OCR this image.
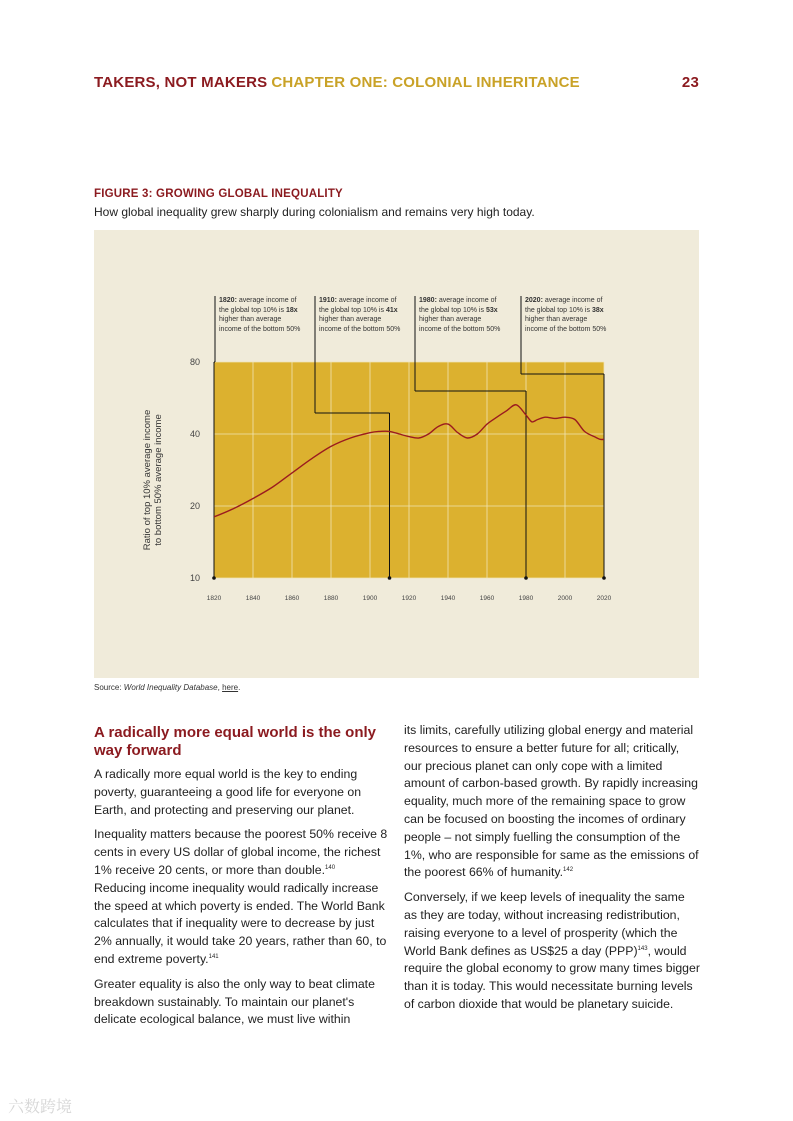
TAKERS, NOT MAKERS CHAPTER ONE: COLONIAL INHERITANCE	23
FIGURE 3: GROWING GLOBAL INEQUALITY
How global inequality grew sharply during colonialism and remains very high today.
10
20
40
80
1820	1840	1860	1880	1900	1920	1940	1960	1980	2000	2020
Ratio of top 10% average income to bottom 50% average income
1820: average income of the global top 10% is 18x higher than average income of the bottom 50%
1910: average income of the global top 10% is 41x higher than average income of the bottom 50%
1980: average income of the global top 10% is 53x higher than average income of the bottom 50%
2020: average income of the global top 10% is 38x higher than average income of the bottom 50%
Source: World Inequality Database, here.
A radically more equal world is the only way forward

A radically more equal world is the key to ending poverty, guaranteeing a good life for everyone on Earth, and protecting and preserving our planet.

Inequality matters because the poorest 50% receive 8 cents in every US dollar of global income, the richest 1% receive 20 cents, or more than double.$^{140}$ Reducing income inequality would radically increase the speed at which poverty is ended. The World Bank calculates that if inequality were to decrease by just 2% annually, it would take 20 years, rather than 60, to end extreme poverty.$^{141}$

Greater equality is also the only way to beat climate breakdown sustainably. To maintain our planet's delicate ecological balance, we must live within

its limits, carefully utilizing global energy and material resources to ensure a better future for all; critically, our precious planet can only cope with a limited amount of carbon-based growth. By rapidly increasing equality, much more of the remaining space to grow can be focused on boosting the incomes of ordinary people – not simply fuelling the consumption of the 1%, who are responsible for same as the emissions of the poorest 66% of humanity.$^{142}$

Conversely, if we keep levels of inequality the same as they are today, without increasing redistribution, raising everyone to a level of prosperity (which the World Bank defines as US$25 a day (PPP)$^{143}$, would require the global economy to grow many times bigger than it is today. This would necessitate burning levels of carbon dioxide that would be planetary suicide.

六数跨境
